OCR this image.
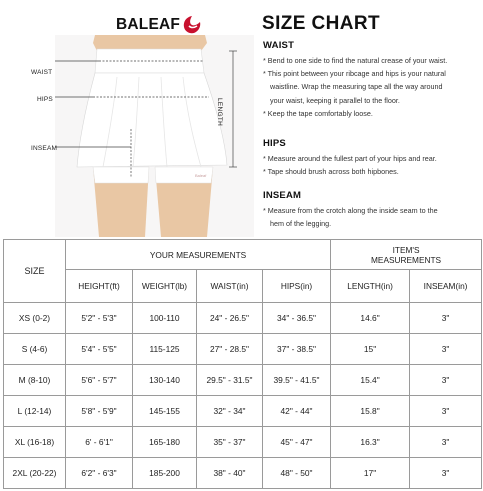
BALEAF	SIZE CHART
Baleaf
WAIST
HIPS
INSEAM
LENGTH
WAIST
* Bend to one side to find the natural crease of your waist.
* This point between your ribcage and hips is your natural
waistline. Wrap the measuring tape all the way around
your waist, keeping it parallel to the floor.
* Keep the tape comfortably loose.
HIPS
* Measure around the fullest part of your hips and rear.
* Tape should brush across both hipbones.
INSEAM
* Measure from the crotch along the inside seam to the
hem of the legging.
SIZE	YOUR MEASUREMENTS				ITEM'S
MEASUREMENTS	

	HEIGHT(ft)	WEIGHT(lb)	WAIST(in)	HIPS(in)	LENGTH(in)	INSEAM(in)
XS (0-2)	5'2" - 5'3"	100-110	24" - 26.5"	34" - 36.5"	14.6"	3"
S (4-6)	5'4" - 5'5"	115-125	27" - 28.5"	37" - 38.5"	15"	3"
M (8-10)	5'6" - 5'7"	130-140	29.5" - 31.5"	39.5" - 41.5"	15.4"	3"
L (12-14)	5'8" - 5'9"	145-155	32" - 34"	42" - 44"	15.8"	3"
XL (16-18)	6' - 6'1"	165-180	35" - 37"	45" - 47"	16.3"	3"
2XL (20-22)	6'2" - 6'3"	185-200	38" - 40"	48" - 50"	17"	3"
